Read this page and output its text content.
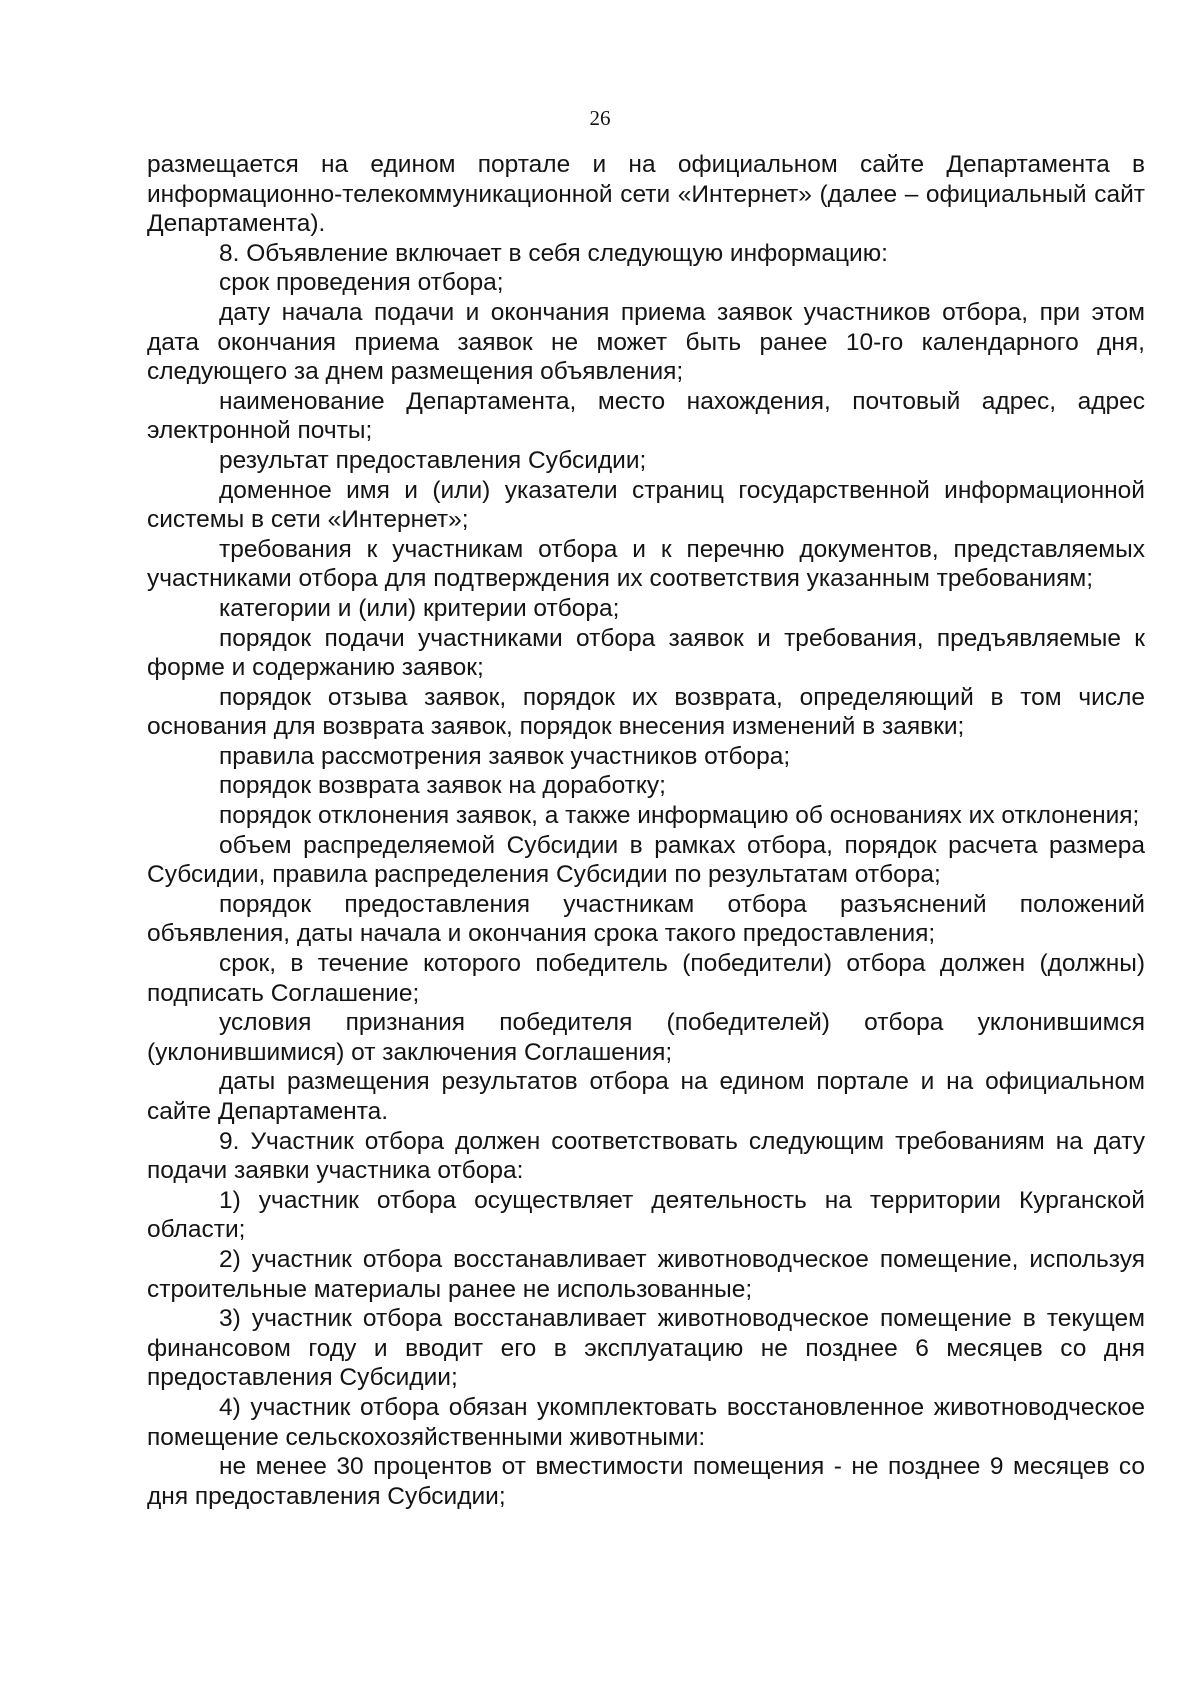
26

размещается на едином портале и на официальном сайте Департамента в информационно-телекоммуникационной сети «Интернет» (далее – официальный сайт Департамента).

8. Объявление включает в себя следующую информацию:

срок проведения отбора;

дату начала подачи и окончания приема заявок участников отбора, при этом дата окончания приема заявок не может быть ранее 10-го календарного дня, следующего за днем размещения объявления;

наименование Департамента, место нахождения, почтовый адрес, адрес электронной почты;

результат предоставления Субсидии;

доменное имя и (или) указатели страниц государственной информационной системы в сети «Интернет»;

требования к участникам отбора и к перечню документов, представляемых участниками отбора для подтверждения их соответствия указанным требованиям;

категории и (или) критерии отбора;

порядок подачи участниками отбора заявок и требования, предъявляемые к форме и содержанию заявок;

порядок отзыва заявок, порядок их возврата, определяющий в том числе основания для возврата заявок, порядок внесения изменений в заявки;

правила рассмотрения заявок участников отбора;

порядок возврата заявок на доработку;

порядок отклонения заявок, а также информацию об основаниях их отклонения;

объем распределяемой Субсидии в рамках отбора, порядок расчета размера Субсидии, правила распределения Субсидии по результатам отбора;

порядок предоставления участникам отбора разъяснений положений объявления, даты начала и окончания срока такого предоставления;

срок, в течение которого победитель (победители) отбора должен (должны) подписать Соглашение;

условия признания победителя (победителей) отбора уклонившимся (уклонившимися) от заключения Соглашения;

даты размещения результатов отбора на едином портале и на официальном сайте Департамента.

9. Участник отбора должен соответствовать следующим требованиям на дату подачи заявки участника отбора:

1) участник отбора осуществляет деятельность на территории Курганской области;

2) участник отбора восстанавливает животноводческое помещение, используя строительные материалы ранее не использованные;

3) участник отбора восстанавливает животноводческое помещение в текущем финансовом году и вводит его в эксплуатацию не позднее 6 месяцев со дня предоставления Субсидии;

4) участник отбора обязан укомплектовать восстановленное животноводческое помещение сельскохозяйственными животными:

не менее 30 процентов от вместимости помещения - не позднее 9 месяцев со дня предоставления Субсидии;
